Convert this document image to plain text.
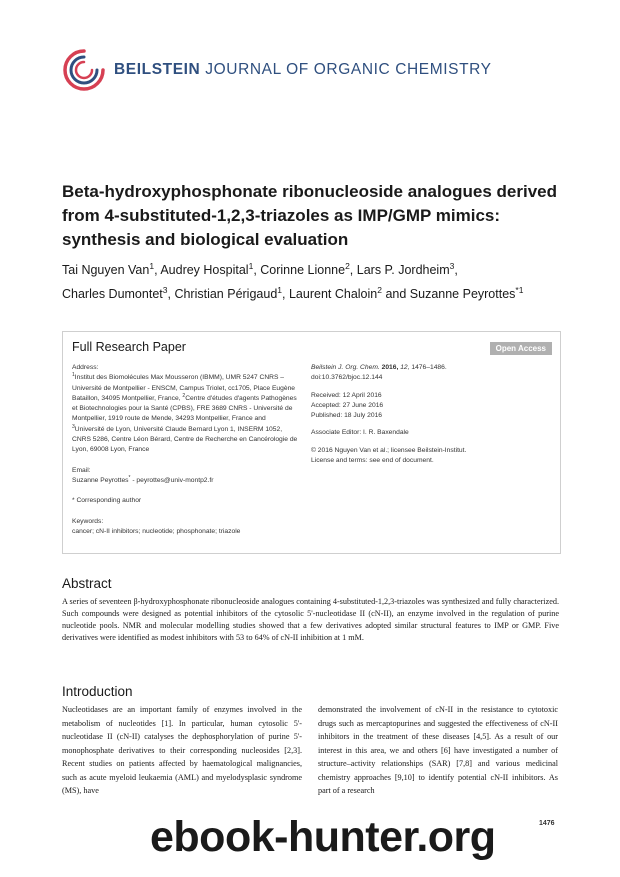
BEILSTEIN JOURNAL OF ORGANIC CHEMISTRY
Beta-hydroxyphosphonate ribonucleoside analogues derived from 4-substituted-1,2,3-triazoles as IMP/GMP mimics: synthesis and biological evaluation
Tai Nguyen Van$^1$, Audrey Hospital$^1$, Corinne Lionne$^2$, Lars P. Jordheim$^3$,
Charles Dumontet$^3$, Christian Périgaud$^1$, Laurent Chaloin$^2$ and Suzanne Peyrottes$^{*1}$
Full Research Paper	Open Access

Address:

$^1$Institut des Biomolécules Max Mousseron (IBMM), UMR 5247 CNRS – Université de Montpellier - ENSCM, Campus Triolet, cc1705, Place Eugène Bataillon, 34095 Montpellier, France, $^2$Centre d'études d'agents Pathogènes et Biotechnologies pour la Santé (CPBS), FRE 3689 CNRS - Université de Montpellier, 1919 route de Mende, 34293 Montpellier, France and $^3$Université de Lyon, Université Claude Bernard Lyon 1, INSERM 1052, CNRS 5286, Centre Léon Bérard, Centre de Recherche en Cancérologie de Lyon, 69008 Lyon, France

Email:

Suzanne Peyrottes* - peyrottes@univ-montp2.fr

* Corresponding author

Keywords:

cancer; cN-II inhibitors; nucleotide; phosphonate; triazole

Beilstein J. Org. Chem. 2016, 12, 1476–1486.

doi:10.3762/bjoc.12.144

Received: 12 April 2016

Accepted: 27 June 2016

Published: 18 July 2016

Associate Editor: I. R. Baxendale

© 2016 Nguyen Van et al.; licensee Beilstein-Institut.

License and terms: see end of document.

Abstract

A series of seventeen β-hydroxyphosphonate ribonucleoside analogues containing 4-substituted-1,2,3-triazoles was synthesized and fully characterized. Such compounds were designed as potential inhibitors of the cytosolic 5'-nucleotidase II (cN-II), an enzyme involved in the regulation of purine nucleotide pools. NMR and molecular modelling studies showed that a few derivatives adopted similar structural features to IMP or GMP. Five derivatives were identified as modest inhibitors with 53 to 64% of cN-II inhibition at 1 mM.

Introduction

Nucleotidases are an important family of enzymes involved in the metabolism of nucleotides [1]. In particular, human cytosolic 5'-nucleotidase II (cN-II) catalyses the dephosphorylation of purine 5'-monophosphate derivatives to their corresponding nucleosides [2,3]. Recent studies on patients affected by haematological malignancies, such as acute myeloid leukaemia (AML) and myelodysplasic syndrome (MS), have

demonstrated the involvement of cN-II in the resistance to cytotoxic drugs such as mercaptopurines and suggested the effectiveness of cN-II inhibitors in the treatment of these diseases [4,5]. As a result of our interest in this area, we and others [6] have investigated a number of structure–activity relationships (SAR) [7,8] and various medicinal chemistry approaches [9,10] to identify potential cN-II inhibitors. As part of a research

1476
ebook-hunter.org
